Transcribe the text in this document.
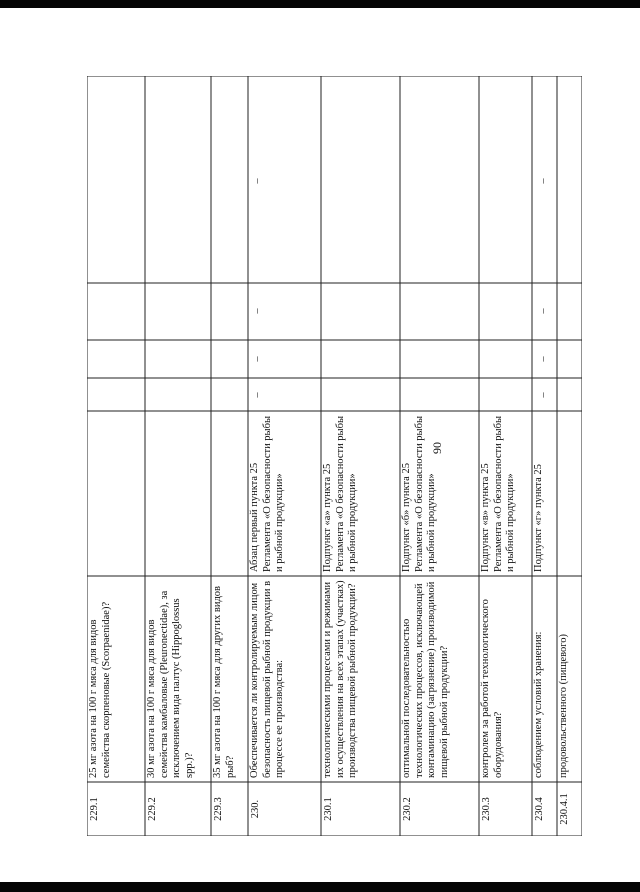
90
229.1
25 мг азота на 100 г мяса для видов семейства скорпеновые (Scorpaenidae)?
229.2
30 мг азота на 100 г мяса для видов семейства камбаловые (Pleuronectidae), за исключением вида палтус (Hippoglossus spp.)?
229.3
35 мг азота на 100 г мяса для других видов рыб?
230.
Обеспечивается ли контролируемым лицом безопасность пищевой рыбной продукции в процессе ее производства:
Абзац первый пункта 25 Регламента «О безопасности рыбы и рыбной продукции»
–
–
–
–
230.1
технологическими процессами и режимами их осуществления на всех этапах (участках) производства пищевой рыбной продукции?
Подпункт «а» пункта 25 Регламента «О безопасности рыбы и рыбной продукции»
230.2
оптимальной последовательностью технологических процессов, исключающей контаминацию (загрязнение) производимой пищевой рыбной продукции?
Подпункт «б» пункта 25 Регламента «О безопасности рыбы и рыбной продукции»
230.3
контролем за работой технологического оборудования?
Подпункт «в» пункта 25 Регламента «О безопасности рыбы и рыбной продукции»
230.4
соблюдением условий хранения:
Подпункт «г» пункта 25
–
–
–
–
230.4.1
продовольственного (пищевого)
